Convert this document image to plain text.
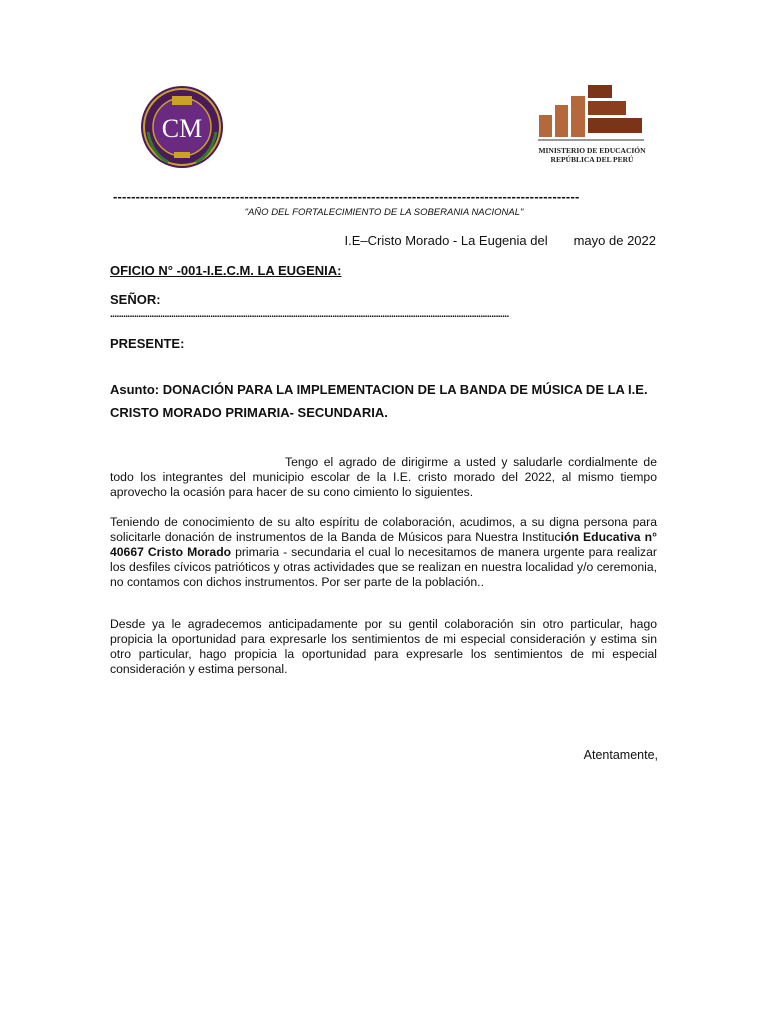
CM
MINISTERIO DE EDUCACIÓN
REPÚBLICA DEL PERÚ
-------------------------------------------------------------------------------------------------------
"AÑO DEL FORTALECIMIENTO DE LA SOBERANIA NACIONAL"
I.E–Cristo Morado - La Eugenia del mayo de 2022
OFICIO N° -001-I.E.C.M. LA EUGENIA:
SEÑOR:
.......................................................................................................................................................................................
PRESENTE:
Asunto: DONACIÓN PARA LA IMPLEMENTACION DE LA BANDA DE MÚSICA DE LA I.E. CRISTO MORADO PRIMARIA- SECUNDARIA.
Tengo el agrado de dirigirme a usted y saludarle cordialmente de todo los integrantes del municipio escolar de la I.E. cristo morado del 2022, al mismo tiempo aprovecho la ocasión para hacer de su cono cimiento lo siguientes.
Teniendo de conocimiento de su alto espíritu de colaboración, acudimos, a su digna persona para solicitarle donación de instrumentos de la Banda de Músicos para Nuestra Institución Educativa n° 40667 Cristo Morado primaria - secundaria el cual lo necesitamos de manera urgente para realizar los desfiles cívicos patrióticos y otras actividades que se realizan en nuestra localidad y/o ceremonia, no contamos con dichos instrumentos. Por ser parte de la población..
Desde ya le agradecemos anticipadamente por su gentil colaboración sin otro particular, hago propicia la oportunidad para expresarle los sentimientos de mi especial consideración y estima sin otro particular, hago propicia la oportunidad para expresarle los sentimientos de mi especial consideración y estima personal.
Atentamente,
